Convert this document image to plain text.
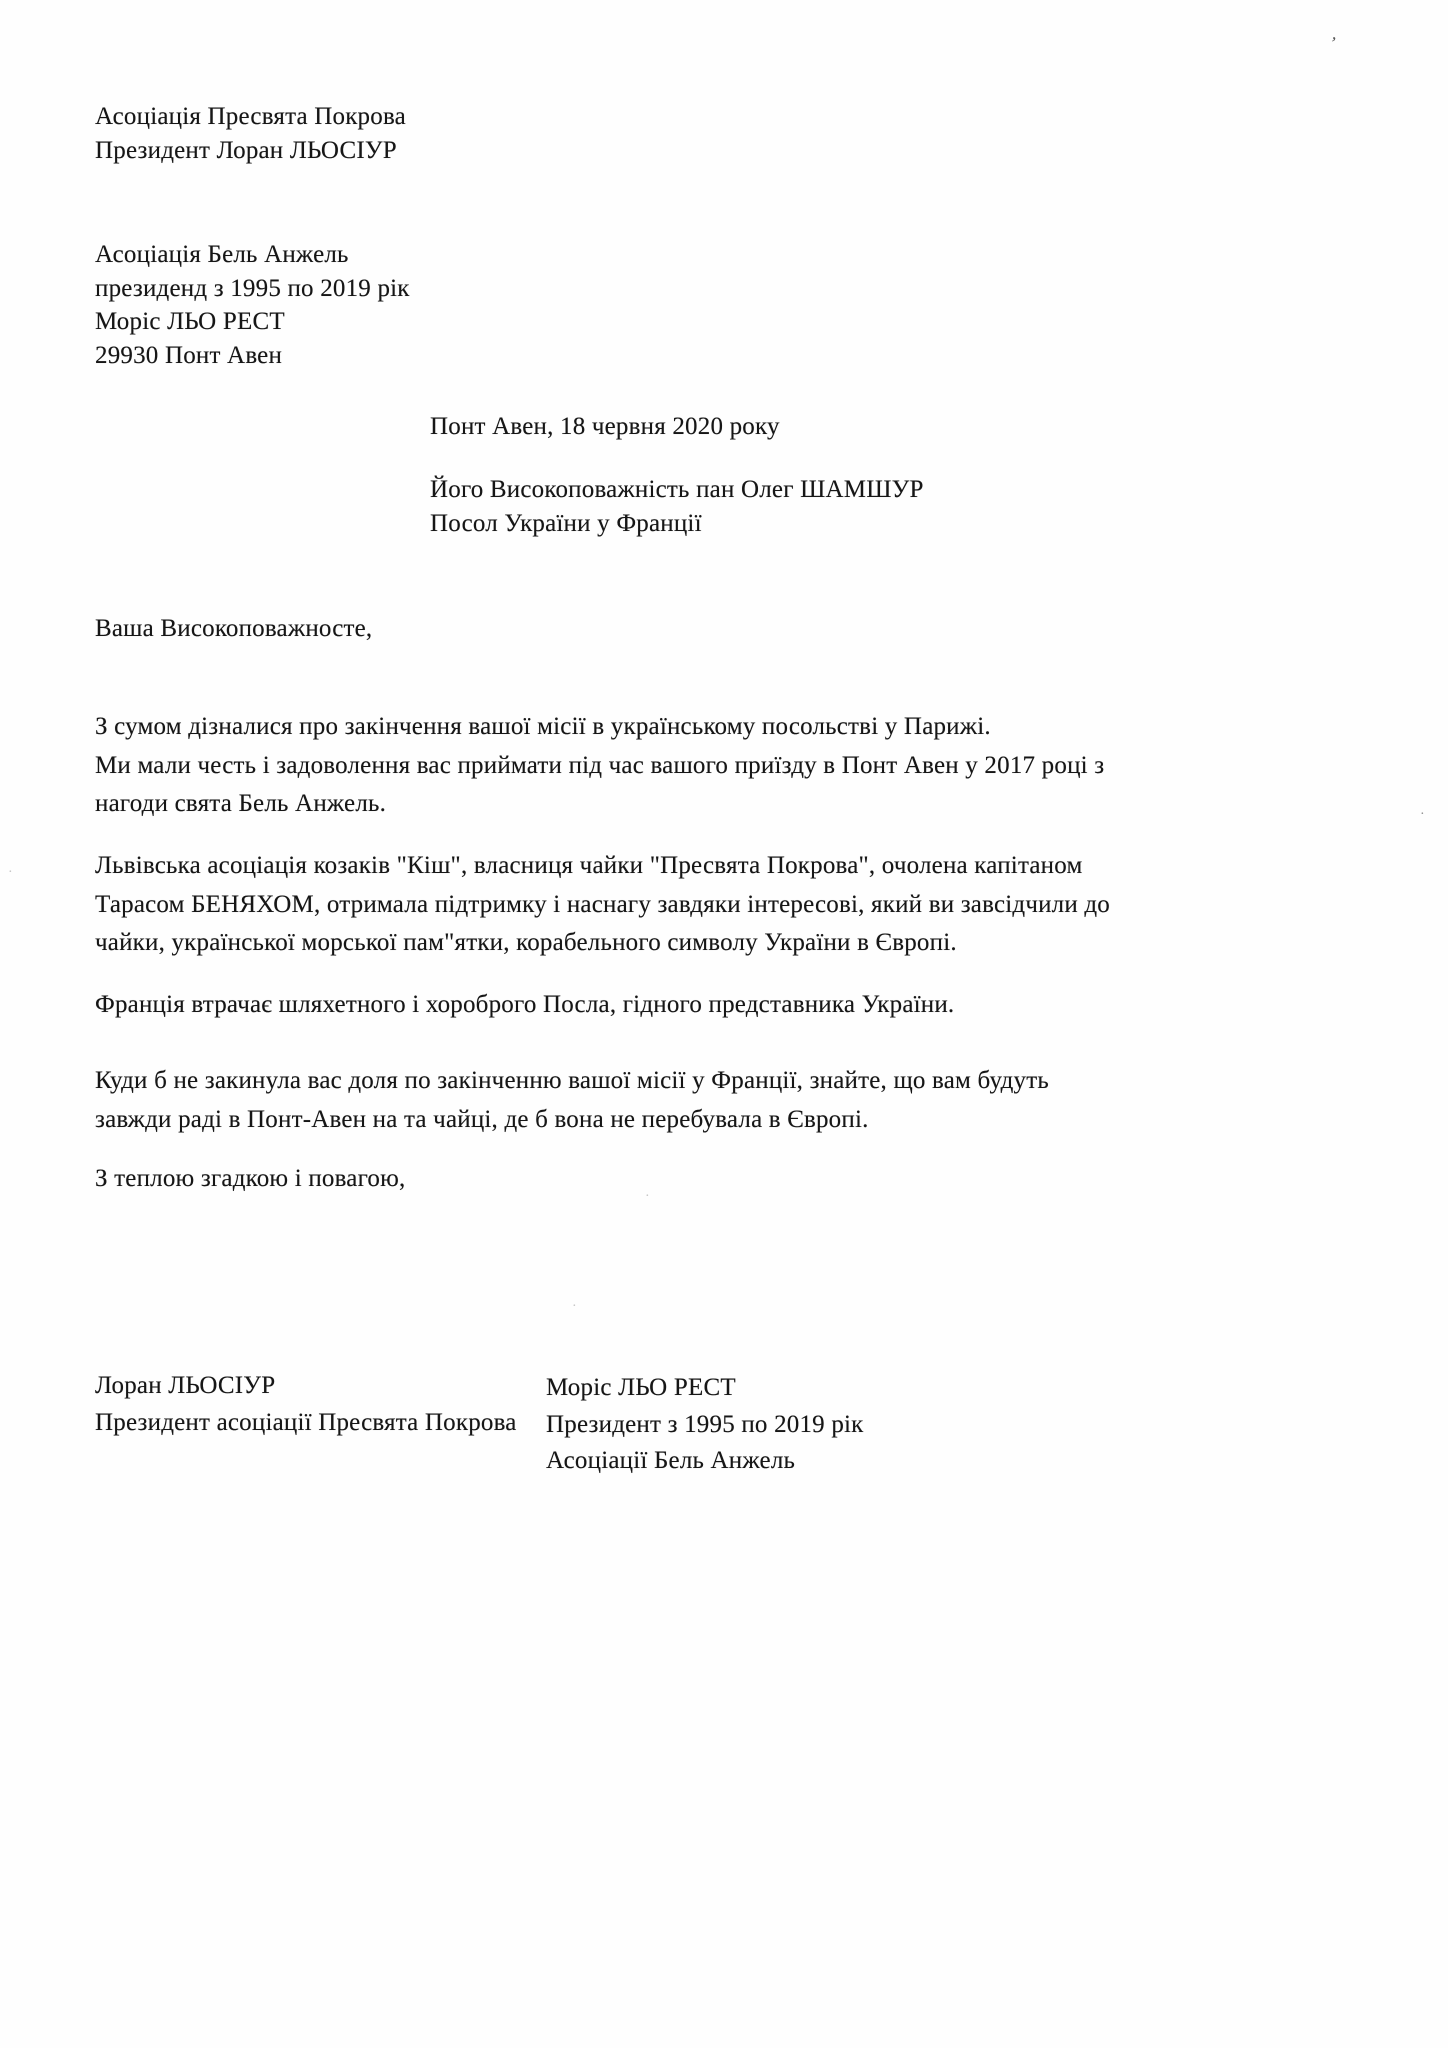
Асоціація Пресвята Покрова
Президент Лоран ЛЬОСІУР
Асоціація Бель Анжель
президенд з 1995 по 2019 рік
Моріс ЛЬО РЕСТ
29930 Понт Авен
Понт Авен, 18 червня 2020 року
Його Високоповажність пан Олег ШАМШУР
Посол України у Франції
Ваша Високоповажносте,
З сумом дізналися про закінчення вашої місії в українському посольстві у Парижі.
Ми мали честь і задоволення вас приймати під час вашого приїзду в Понт Авен у 2017 році з
нагоди свята Бель Анжель.
Львівська асоціація козаків "Кіш", власниця чайки "Пресвята Покрова", очолена капітаном
Тарасом БЕНЯХОМ, отримала підтримку і наснагу завдяки інтересові, який ви завсідчили до
чайки, української морської пам"ятки, корабельного символу України в Європі.
Франція втрачає шляхетного і хороброго Посла, гідного представника України.
Куди б не закинула вас доля по закінченню вашої місії у Франції, знайте, що вам будуть
завжди раді в Понт-Авен на та чайці, де б вона не перебувала в Європі.
З теплою згадкою і повагою,
Лоран ЛЬОСІУР
Президент асоціації Пресвята Покрова
Моріс ЛЬО РЕСТ
Президент з 1995 по 2019 рік
Асоціації Бель Анжель
ʼ
·
·
·
·
